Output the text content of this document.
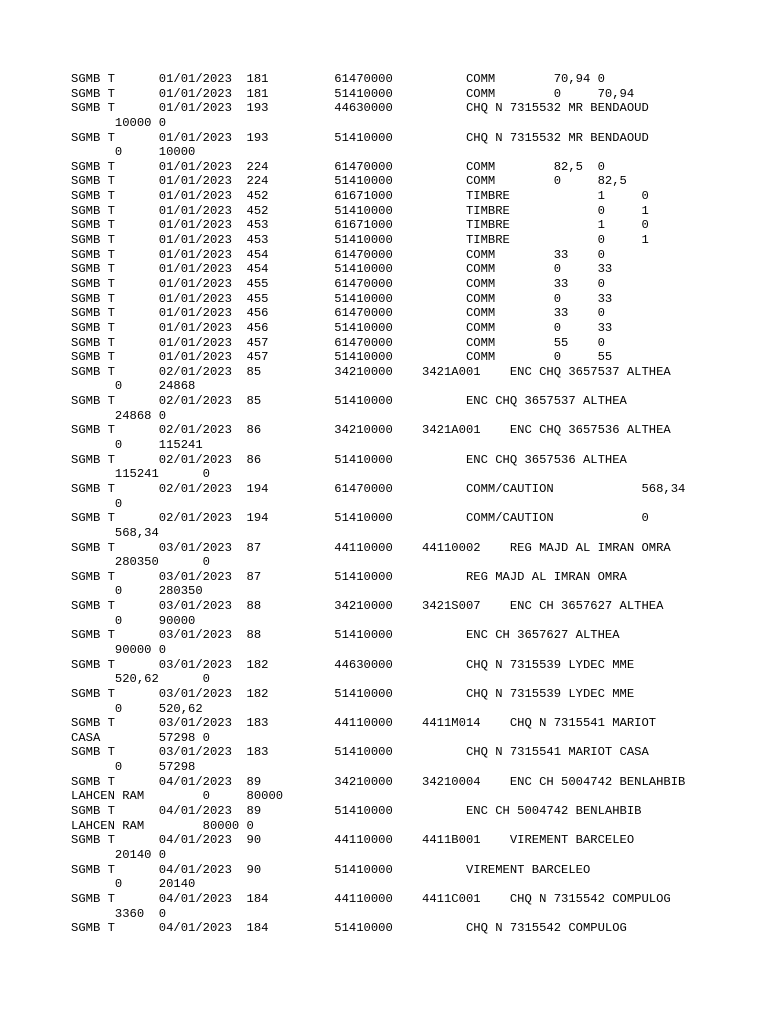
SGMB T      01/01/2023  181         61470000          COMM        70,94 0
SGMB T      01/01/2023  181         51410000          COMM        0     70,94
SGMB T      01/01/2023  193         44630000          CHQ N 7315532 MR BENDAOUD
10000 0
SGMB T      01/01/2023  193         51410000          CHQ N 7315532 MR BENDAOUD
0     10000
SGMB T      01/01/2023  224         61470000          COMM        82,5  0
SGMB T      01/01/2023  224         51410000          COMM        0     82,5
SGMB T      01/01/2023  452         61671000          TIMBRE            1     0
SGMB T      01/01/2023  452         51410000          TIMBRE            0     1
SGMB T      01/01/2023  453         61671000          TIMBRE            1     0
SGMB T      01/01/2023  453         51410000          TIMBRE            0     1
SGMB T      01/01/2023  454         61470000          COMM        33    0
SGMB T      01/01/2023  454         51410000          COMM        0     33
SGMB T      01/01/2023  455         61470000          COMM        33    0
SGMB T      01/01/2023  455         51410000          COMM        0     33
SGMB T      01/01/2023  456         61470000          COMM        33    0
SGMB T      01/01/2023  456         51410000          COMM        0     33
SGMB T      01/01/2023  457         61470000          COMM        55    0
SGMB T      01/01/2023  457         51410000          COMM        0     55
SGMB T      02/01/2023  85          34210000    3421A001    ENC CHQ 3657537 ALTHEA
0     24868
SGMB T      02/01/2023  85          51410000          ENC CHQ 3657537 ALTHEA
24868 0
SGMB T      02/01/2023  86          34210000    3421A001    ENC CHQ 3657536 ALTHEA
0     115241
SGMB T      02/01/2023  86          51410000          ENC CHQ 3657536 ALTHEA
115241      0
SGMB T      02/01/2023  194         61470000          COMM/CAUTION            568,34
0
SGMB T      02/01/2023  194         51410000          COMM/CAUTION            0
568,34
SGMB T      03/01/2023  87          44110000    44110002    REG MAJD AL IMRAN OMRA
280350      0
SGMB T      03/01/2023  87          51410000          REG MAJD AL IMRAN OMRA
0     280350
SGMB T      03/01/2023  88          34210000    3421S007    ENC CH 3657627 ALTHEA
0     90000
SGMB T      03/01/2023  88          51410000          ENC CH 3657627 ALTHEA
90000 0
SGMB T      03/01/2023  182         44630000          CHQ N 7315539 LYDEC MME
520,62      0
SGMB T      03/01/2023  182         51410000          CHQ N 7315539 LYDEC MME
0     520,62
SGMB T      03/01/2023  183         44110000    4411M014    CHQ N 7315541 MARIOT
CASA        57298 0
SGMB T      03/01/2023  183         51410000          CHQ N 7315541 MARIOT CASA
0     57298
SGMB T      04/01/2023  89          34210000    34210004    ENC CH 5004742 BENLAHBIB
LAHCEN RAM        0     80000
SGMB T      04/01/2023  89          51410000          ENC CH 5004742 BENLAHBIB
LAHCEN RAM        80000 0
SGMB T      04/01/2023  90          44110000    4411B001    VIREMENT BARCELEO
20140 0
SGMB T      04/01/2023  90          51410000          VIREMENT BARCELEO
0     20140
SGMB T      04/01/2023  184         44110000    4411C001    CHQ N 7315542 COMPULOG
3360  0
SGMB T      04/01/2023  184         51410000          CHQ N 7315542 COMPULOG
